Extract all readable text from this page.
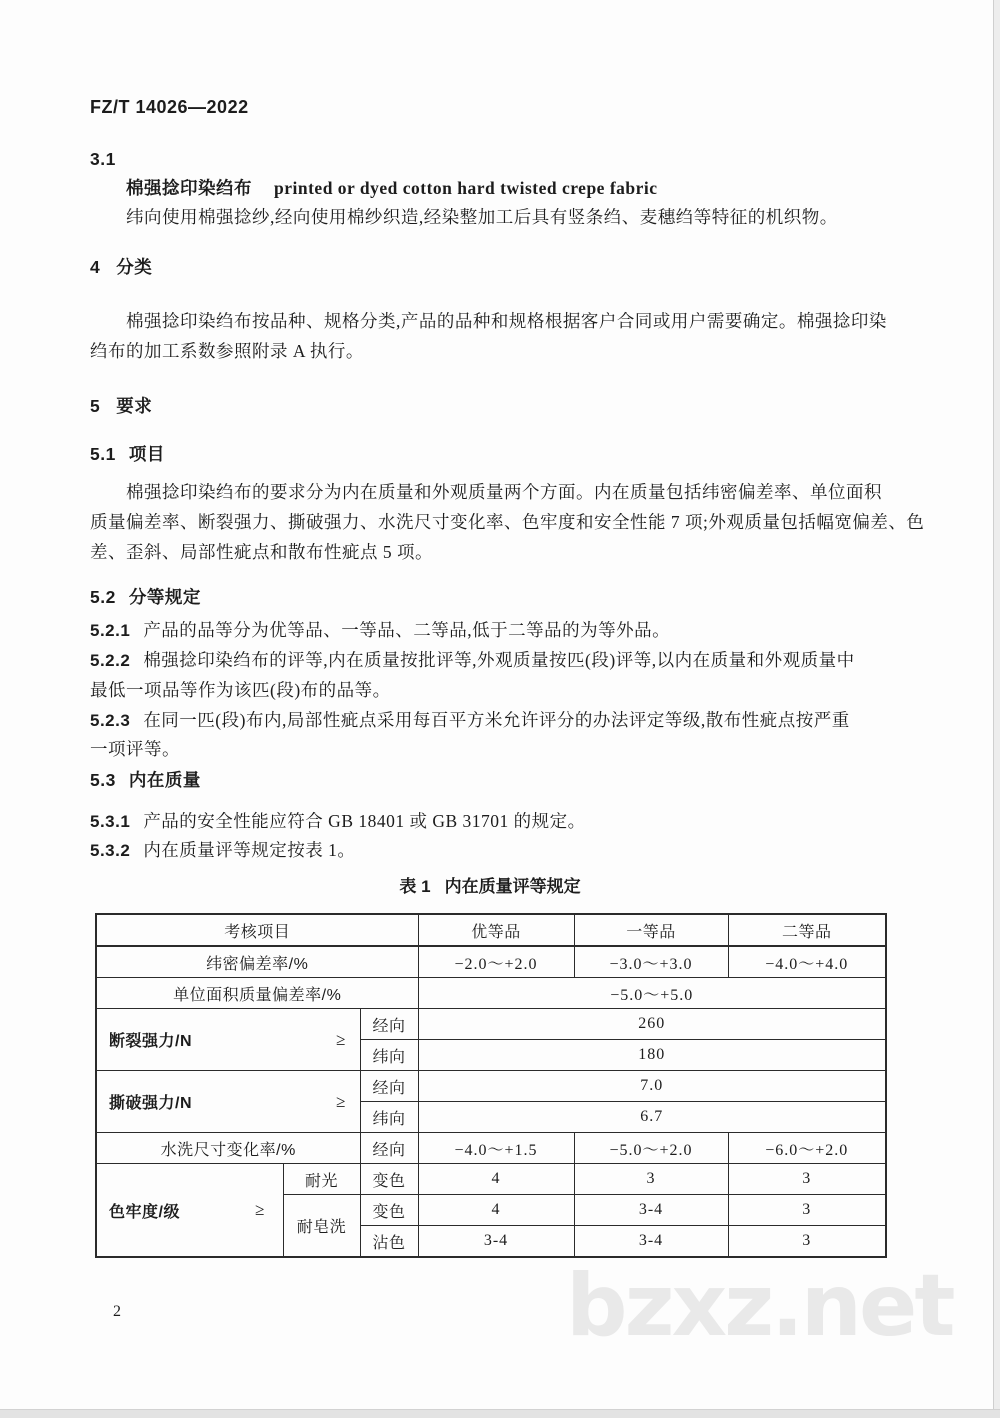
FZ/T 14026—2022
3.1
棉强捻印染绉布 printed or dyed cotton hard twisted crepe fabric
纬向使用棉强捻纱,经向使用棉纱织造,经染整加工后具有竖条绉、麦穗绉等特征的机织物。
4 分类
棉强捻印染绉布按品种、规格分类,产品的品种和规格根据客户合同或用户需要确定。棉强捻印染
绉布的加工系数参照附录 A 执行。
5 要求
5.1 项目
棉强捻印染绉布的要求分为内在质量和外观质量两个方面。内在质量包括纬密偏差率、单位面积
质量偏差率、断裂强力、撕破强力、水洗尺寸变化率、色牢度和安全性能 7 项;外观质量包括幅宽偏差、色
差、歪斜、局部性疵点和散布性疵点 5 项。
5.2 分等规定
5.2.1 产品的品等分为优等品、一等品、二等品,低于二等品的为等外品。
5.2.2 棉强捻印染绉布的评等,内在质量按批评等,外观质量按匹(段)评等,以内在质量和外观质量中
最低一项品等作为该匹(段)布的品等。
5.2.3 在同一匹(段)布内,局部性疵点采用每百平方米允许评分的办法评定等级,散布性疵点按严重
一项评等。
5.3 内在质量
5.3.1 产品的安全性能应符合 GB 18401 或 GB 31701 的规定。
5.3.2 内在质量评等规定按表 1。
表 1 内在质量评等规定
考核项目			优等品	一等品	二等品
纬密偏差率/%			−2.0～+2.0	−3.0～+3.0	−4.0～+4.0
单位面积质量偏差率/%			−5.0～+5.0		

断裂强力/N ≥		经向	260		
		纬向	180		

撕破强力/N ≥		经向	7.0		
		纬向	6.7		
水洗尺寸变化率/%		经向	−4.0～+1.5	−5.0～+2.0	−6.0～+2.0

色牢度/级 ≥	耐光	变色	4	3	3
	耐皂洗	变色	4	3-4	3
		沾色	3-4	3-4	3
bzxz.net
2
